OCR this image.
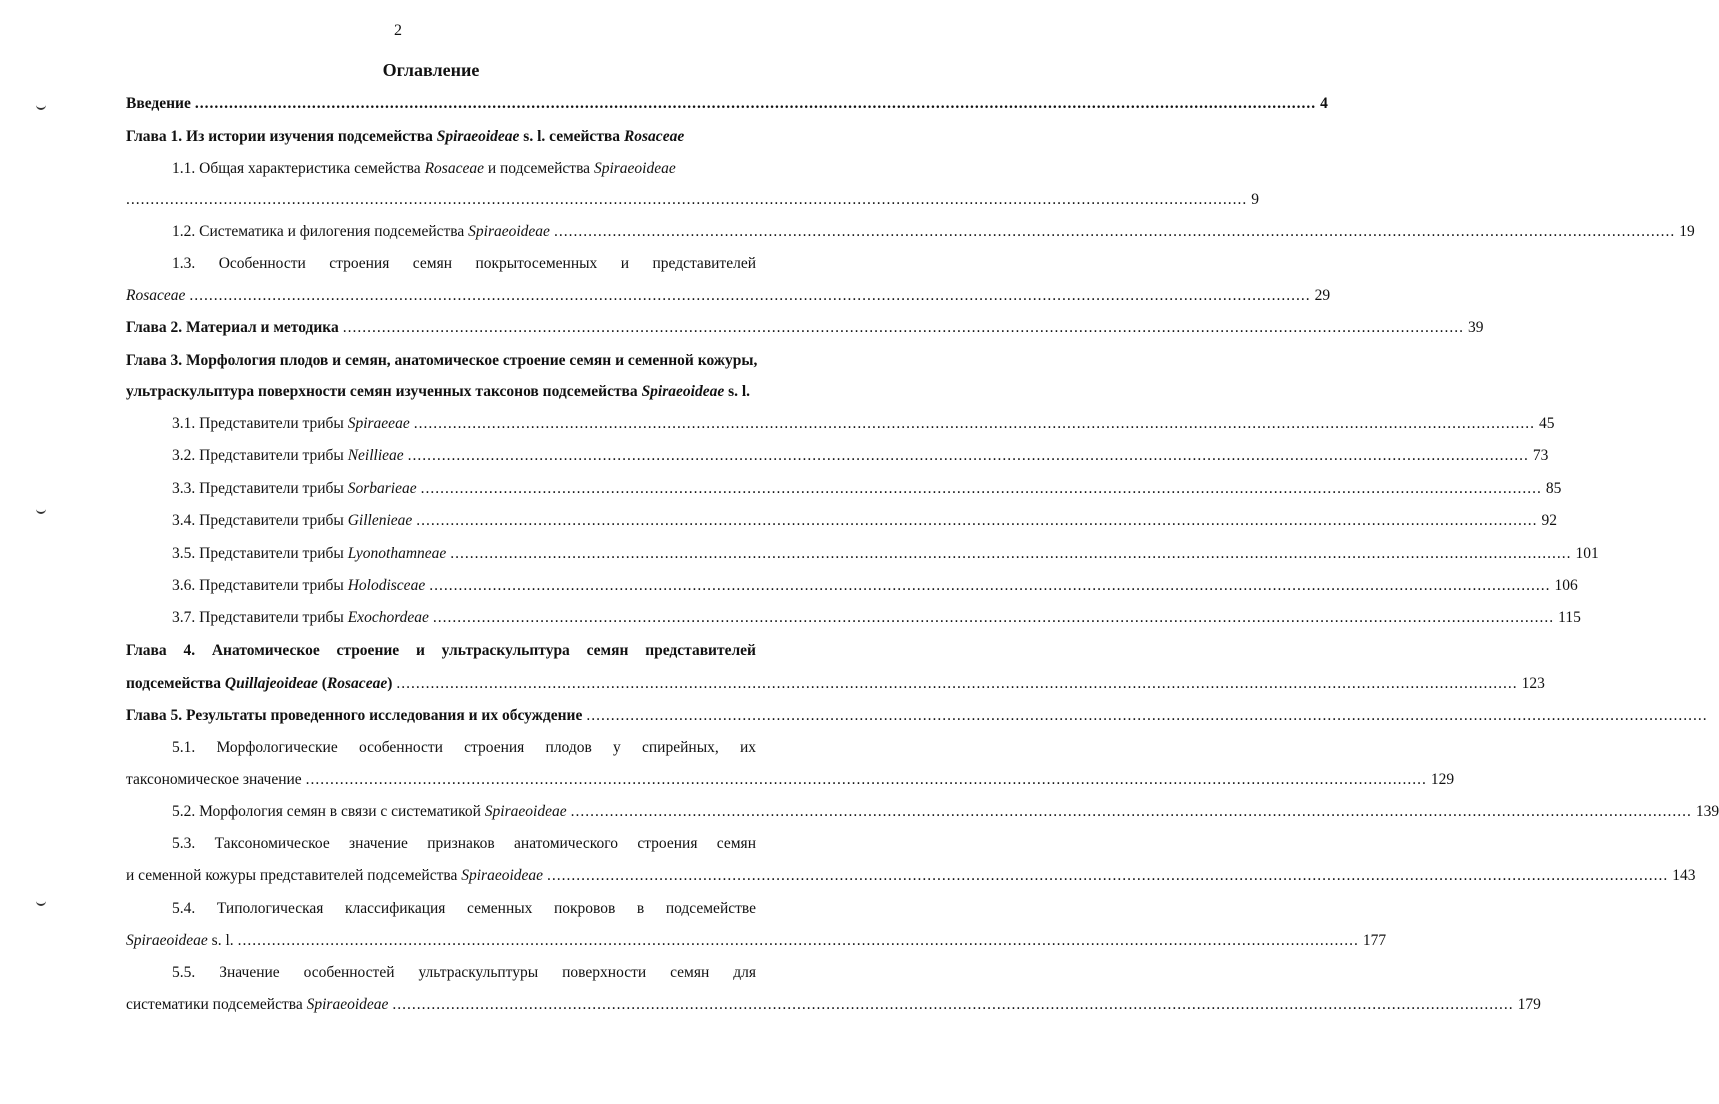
2
Оглавление
Введение ...................................................................................................................................................................................................................................... 4
Глава 1. Из истории изучения подсемейства Spiraeoideae s. l. семейства Rosaceae
1.1. Общая характеристика семейства Rosaceae и подсемейства Spiraeoideae
...................................................................................................................................................................................................................................... 9
1.2. Систематика и филогения подсемейства Spiraeoideae ...................................................................................................................................................................................................................................... 19
1.3. Особенности строения семян покрытосеменных и представителей
Rosaceae ...................................................................................................................................................................................................................................... 29
Глава 2. Материал и методика ...................................................................................................................................................................................................................................... 39
Глава 3. Морфология плодов и семян, анатомическое строение семян и семенной кожуры,
ультраскульптура поверхности семян изученных таксонов подсемейства Spiraeoideae s. l.
3.1. Представители трибы Spiraeeae ...................................................................................................................................................................................................................................... 45
3.2. Представители трибы Neillieae ...................................................................................................................................................................................................................................... 73
3.3. Представители трибы Sorbarieae ...................................................................................................................................................................................................................................... 85
3.4. Представители трибы Gillenieae ...................................................................................................................................................................................................................................... 92
3.5. Представители трибы Lyonothamneae ...................................................................................................................................................................................................................................... 101
3.6. Представители трибы Holodisceae ...................................................................................................................................................................................................................................... 106
3.7. Представители трибы Exochordeae ...................................................................................................................................................................................................................................... 115
Глава 4. Анатомическое строение и ультраскульптура семян представителей
подсемейства Quillajeoideae (Rosaceae) ...................................................................................................................................................................................................................................... 123
Глава 5. Результаты проведенного исследования и их обсуждение ......................................................................................................................................................................................................................................
5.1. Морфологические особенности строения плодов у спирейных, их
таксономическое значение ...................................................................................................................................................................................................................................... 129
5.2. Морфология семян в связи с систематикой Spiraeoideae ...................................................................................................................................................................................................................................... 139
5.3. Таксономическое значение признаков анатомического строения семян
и семенной кожуры представителей подсемейства Spiraeoideae ...................................................................................................................................................................................................................................... 143
5.4. Типологическая классификация семенных покровов в подсемействе
Spiraeoideae s. l. ...................................................................................................................................................................................................................................... 177
5.5. Значение особенностей ультраскульптуры поверхности семян для
систематики подсемейства Spiraeoideae ...................................................................................................................................................................................................................................... 179
